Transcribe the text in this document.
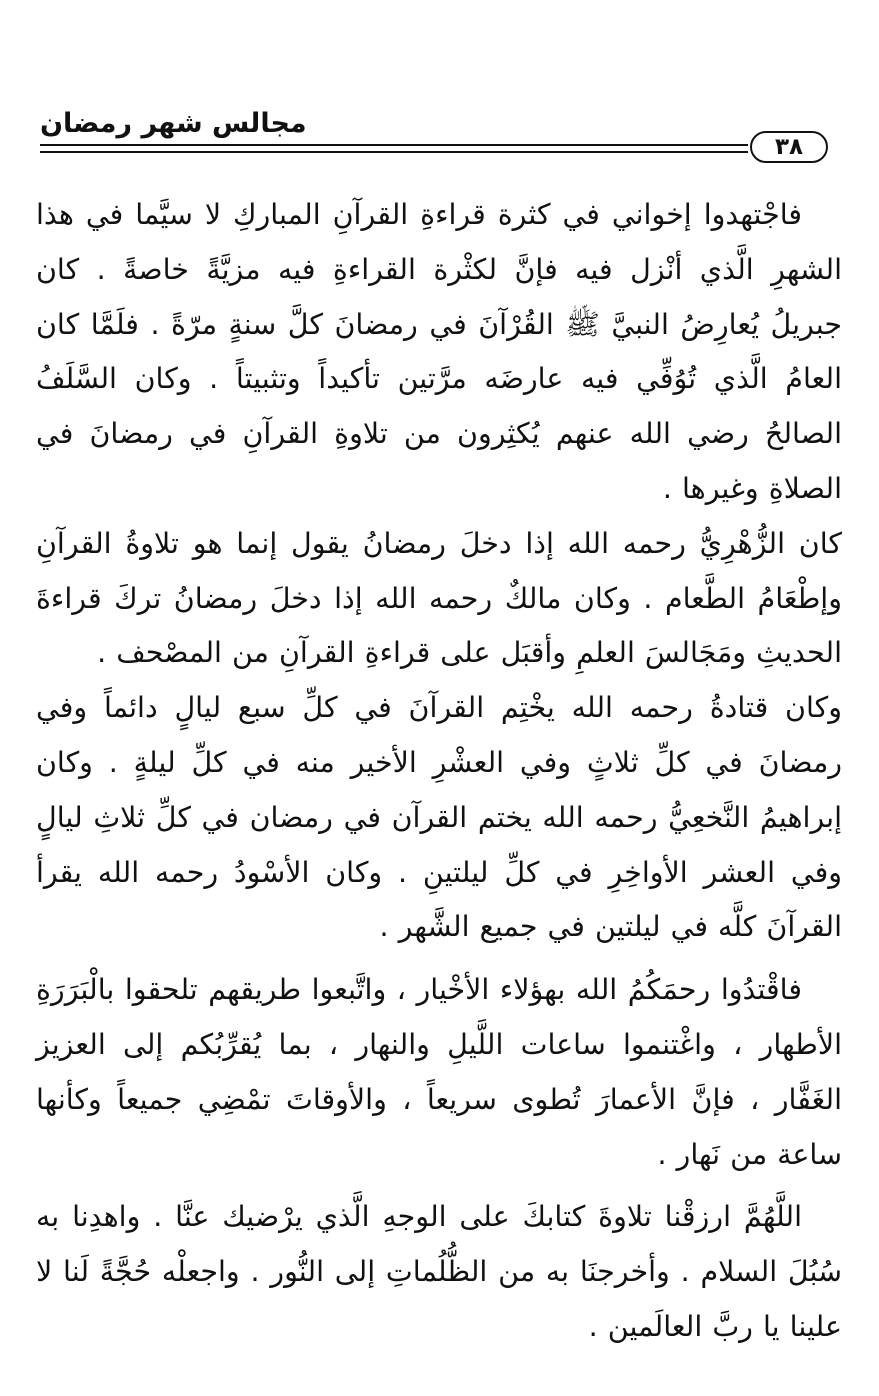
مجالس شهر رمضان
٣٨

فاجْتهدوا إخواني في كثرة قراءةِ القرآنِ المباركِ لا سيَّما في هذا الشهرِ الَّذي أنْزل فيه فإنَّ لكثْرة القراءةِ فيه مزيَّةً خاصةً . كان جبريلُ يُعارِضُ النبيَّ ﷺ القُرْآنَ في رمضانَ كلَّ سنةٍ مرّةً . فلَمَّا كان العامُ الَّذي تُوُفِّي فيه عارضَه مرَّتين تأكيداً وتثبيتاً . وكان السَّلَفُ الصالحُ رضي الله عنهم يُكثِرون من تلاوةِ القرآنِ في رمضانَ في الصلاةِ وغيرها .

كان الزُّهْرِيُّ رحمه الله إذا دخلَ رمضانُ يقول إنما هو تلاوةُ القرآنِ وإطْعَامُ الطَّعام . وكان مالكٌ رحمه الله إذا دخلَ رمضانُ تركَ قراءةَ الحديثِ ومَجَالسَ العلمِ وأقبَل على قراءةِ القرآنِ من المصْحف .

وكان قتادةُ رحمه الله يخْتِم القرآنَ في كلِّ سبع ليالٍ دائماً وفي رمضانَ في كلِّ ثلاثٍ وفي العشْرِ الأخير منه في كلِّ ليلةٍ . وكان إبراهيمُ النَّخعِيُّ رحمه الله يختم القرآن في رمضان في كلِّ ثلاثِ ليالٍ وفي العشر الأواخِرِ في كلِّ ليلتينِ . وكان الأسْودُ رحمه الله يقرأ القرآنَ كلَّه في ليلتين في جميع الشَّهر .

فاقْتدُوا رحمَكُمُ الله بهؤلاء الأخْيار ، واتَّبعوا طريقهم تلحقوا بالْبَرَرَةِ الأطهار ، واغْتنموا ساعات اللَّيلِ والنهار ، بما يُقرِّبُكم إلى العزيز الغَفَّار ، فإنَّ الأعمارَ تُطوى سريعاً ، والأوقاتَ تمْضِي جميعاً وكأنها ساعة من نَهار .

اللَّهُمَّ ارزقْنا تلاوةَ كتابكَ على الوجهِ الَّذي يرْضيك عنَّا . واهدِنا به سُبُلَ السلام . وأخرجنَا به من الظُّلُماتِ إلى النُّور . واجعلْه حُجَّةً لَنا لا علينا يا ربَّ العالَمين .
